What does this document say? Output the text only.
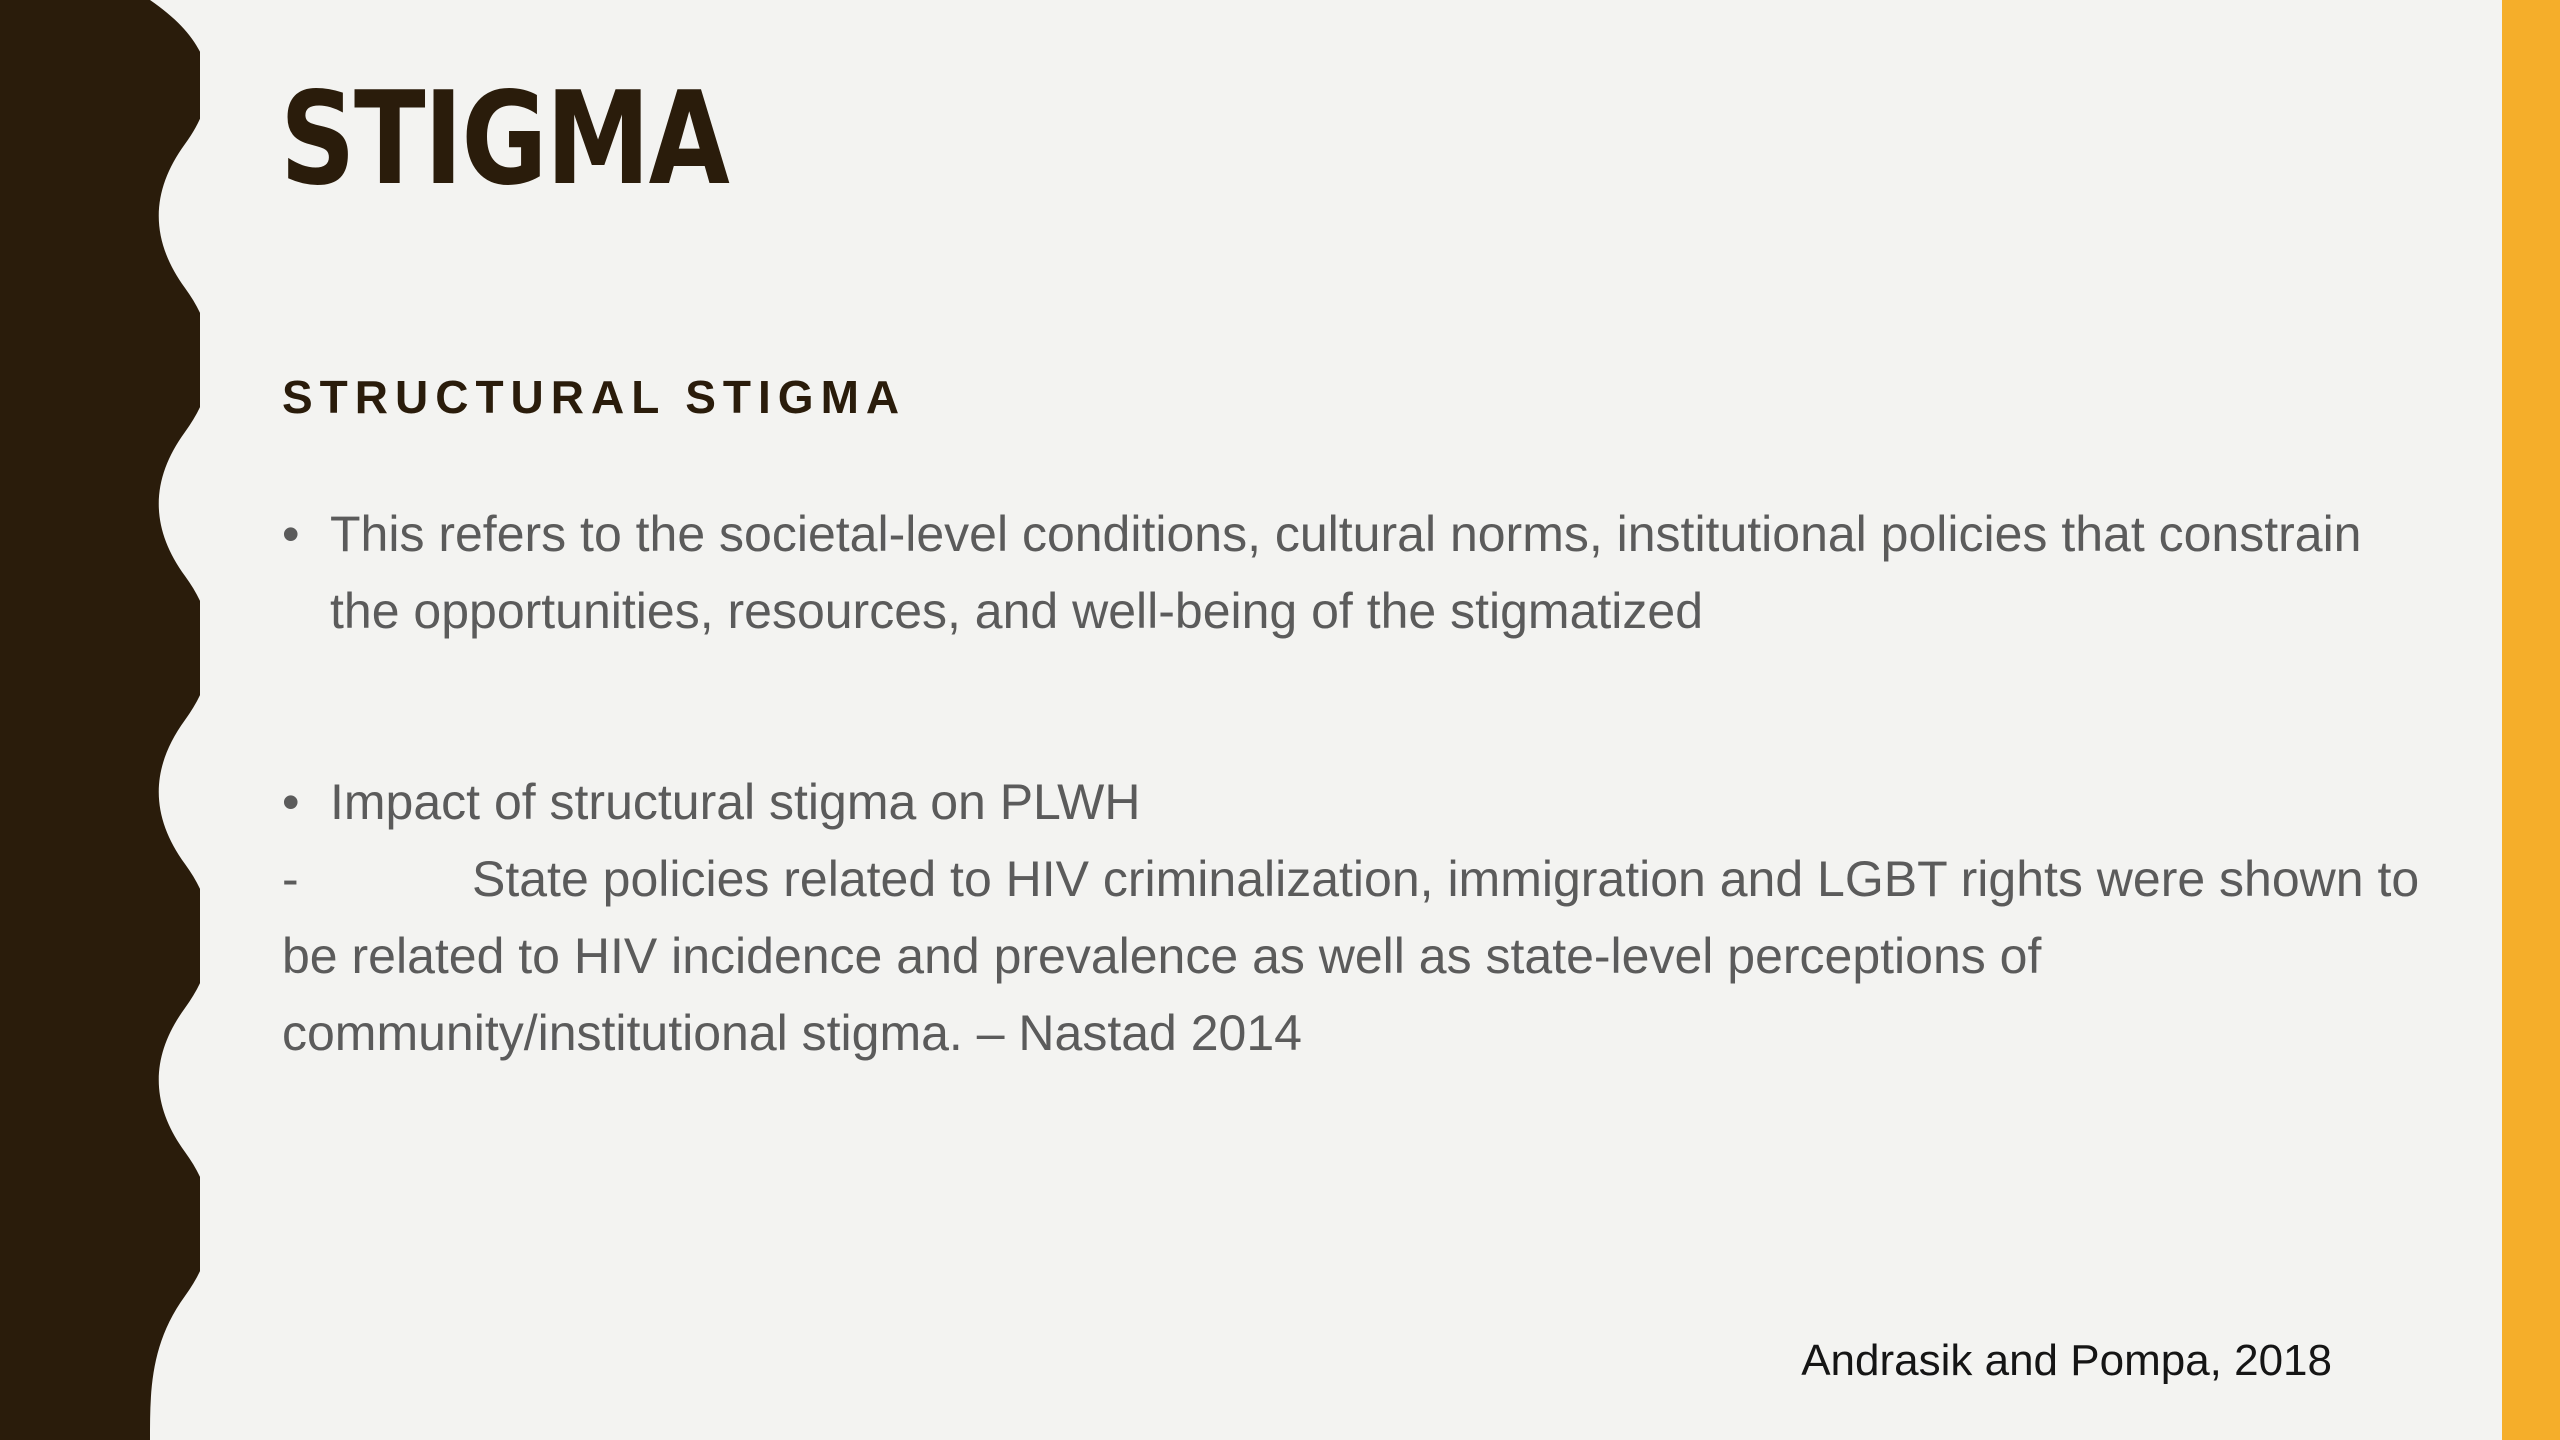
STIGMA
STRUCTURAL STIGMA

• This refers to the societal-level conditions, cultural norms, institutional policies that constrain the opportunities, resources, and well-being of the stigmatized

• Impact of structural stigma on PLWH

-	State policies related to HIV criminalization, immigration and LGBT rights were shown to be related to HIV incidence and prevalence as well as state-level perceptions of community/institutional stigma. – Nastad 2014

Andrasik and Pompa, 2018
